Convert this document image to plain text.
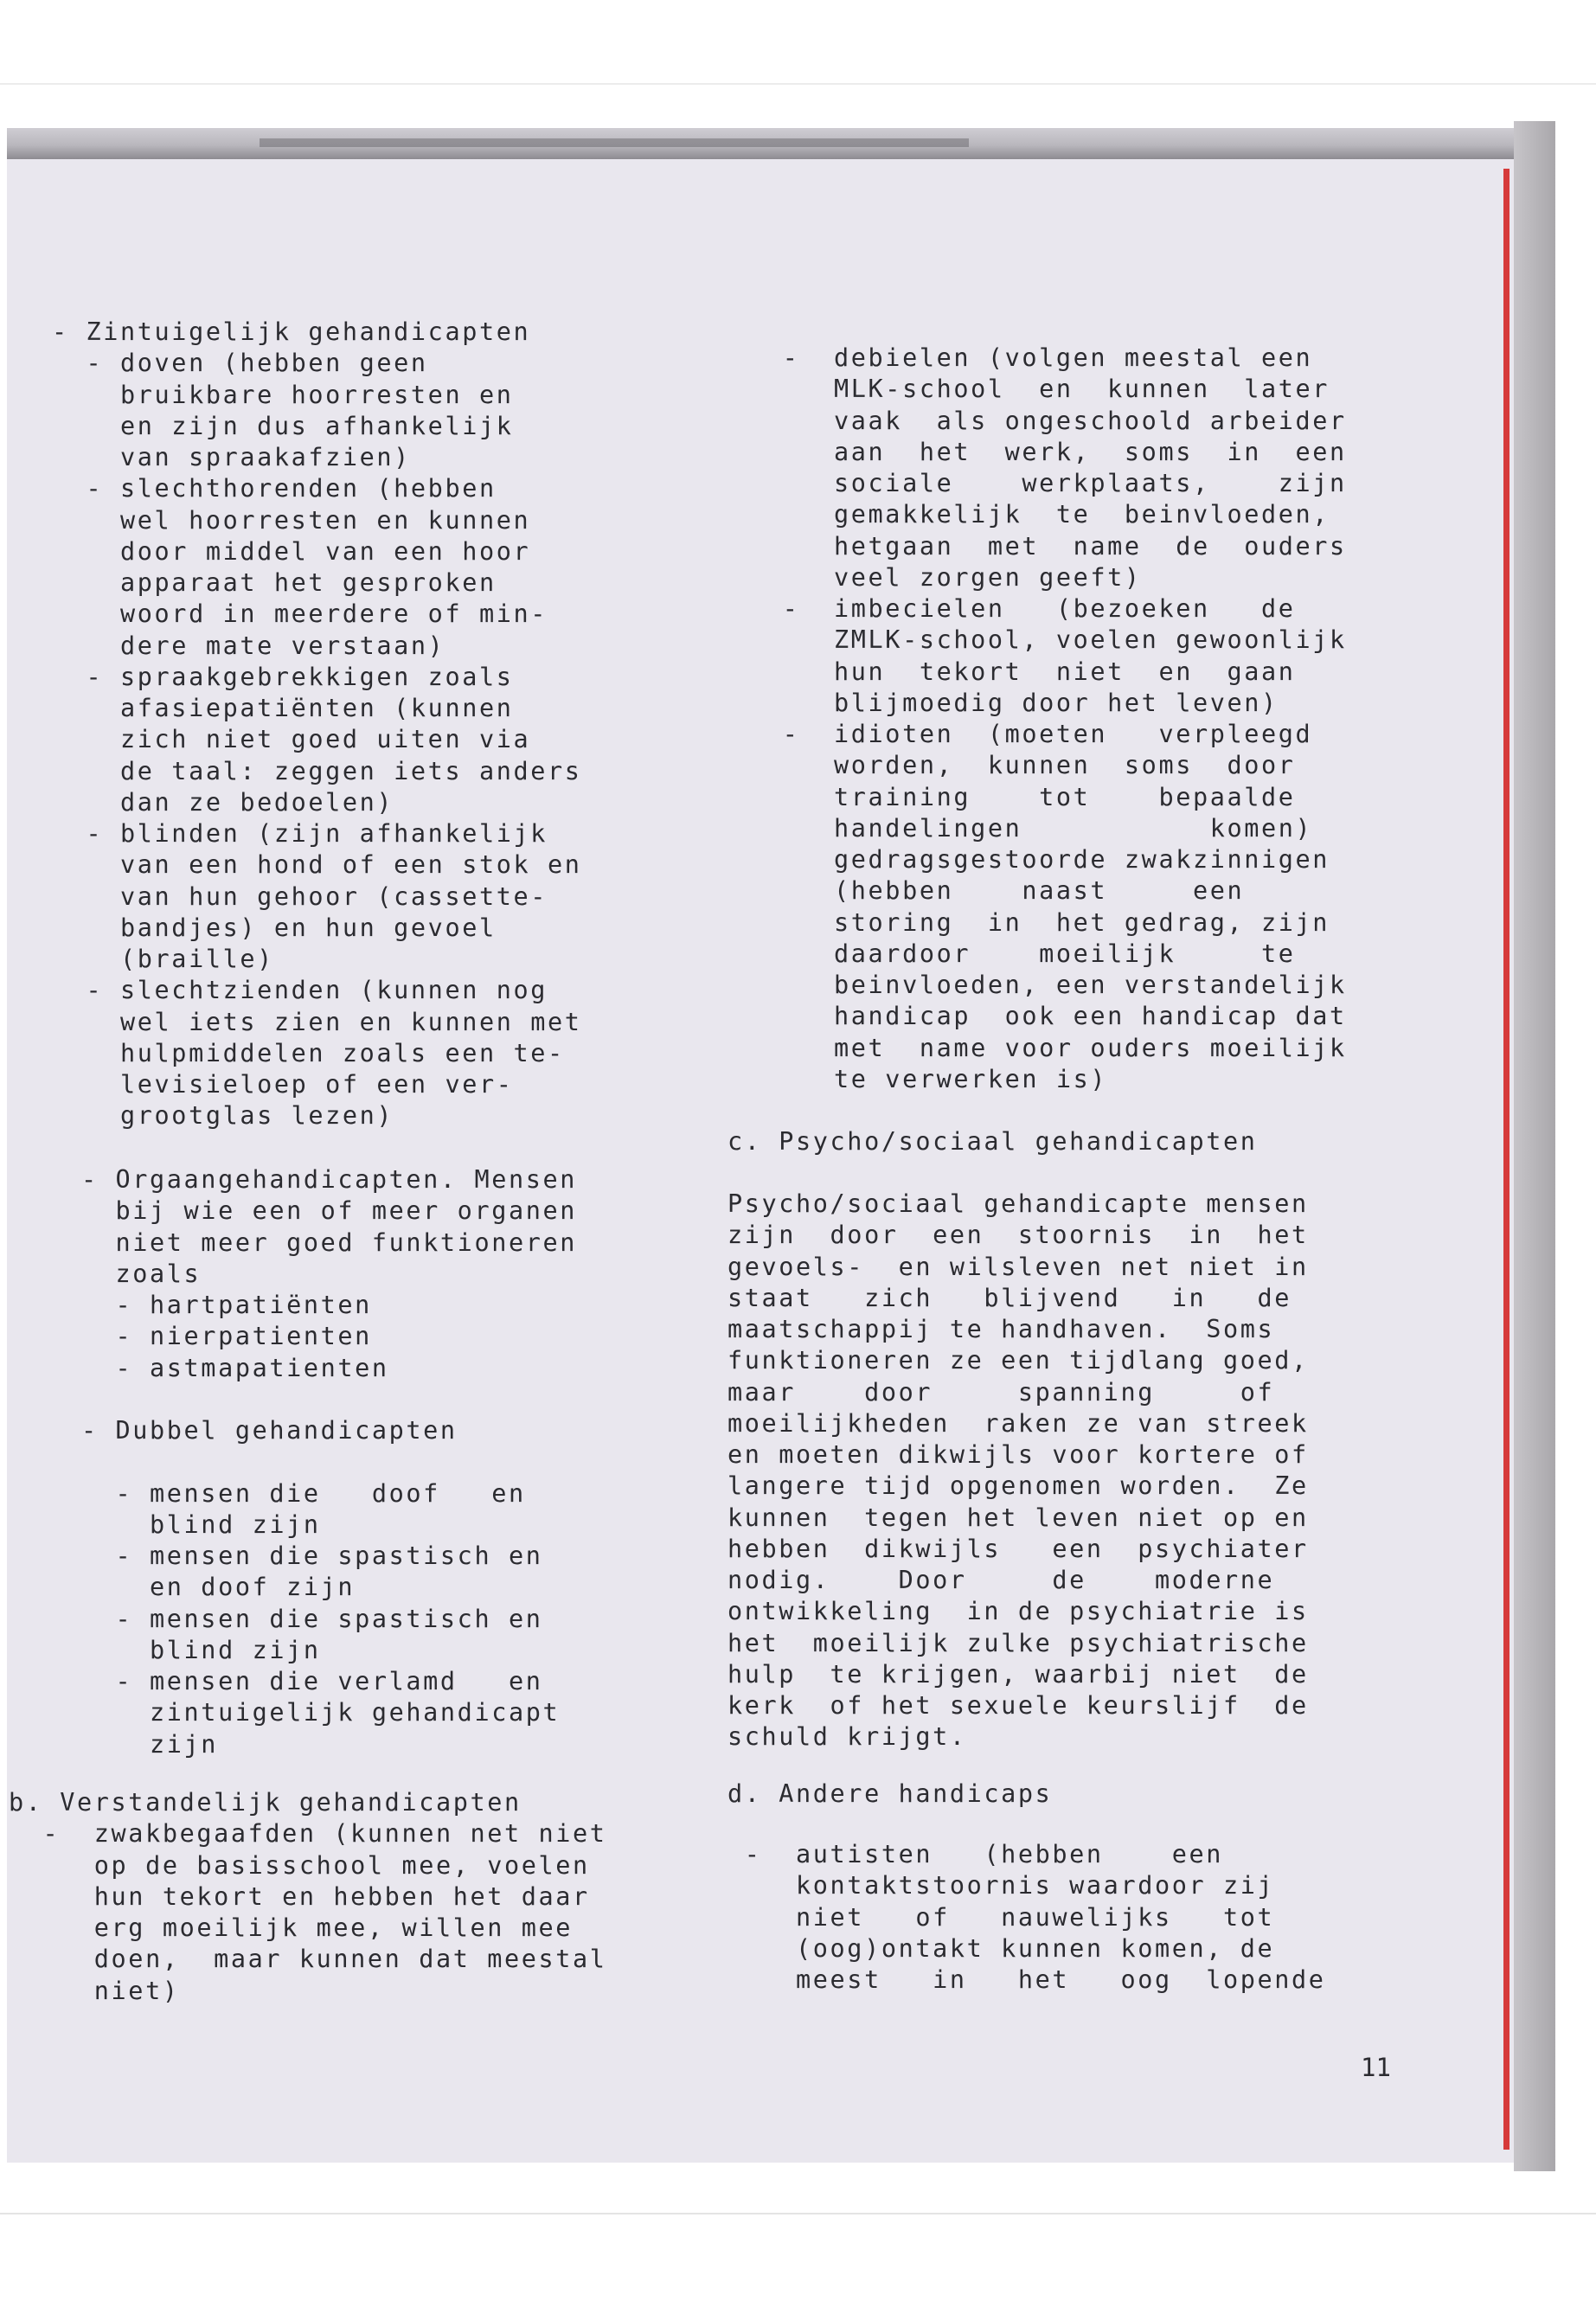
- Zintuigelijk gehandicapten
- doven (hebben geen
bruikbare hoorresten en
en zijn dus afhankelijk
van spraakafzien)
- slechthorenden (hebben
wel hoorresten en kunnen
door middel van een hoor
apparaat het gesproken
woord in meerdere of min-
dere mate verstaan)
- spraakgebrekkigen zoals
afasiepatiënten (kunnen
zich niet goed uiten via
de taal: zeggen iets anders
dan ze bedoelen)
- blinden (zijn afhankelijk
van een hond of een stok en
van hun gehoor (cassette-
bandjes) en hun gevoel
(braille)
- slechtzienden (kunnen nog
wel iets zien en kunnen met
hulpmiddelen zoals een te-
levisieloep of een ver-
grootglas lezen)
- Orgaangehandicapten. Mensen
bij wie een of meer organen
niet meer goed funktioneren
zoals
- hartpatiënten
- nierpatienten
- astmapatienten
- Dubbel gehandicapten

- mensen die   doof   en
blind zijn
- mensen die spastisch en
en doof zijn
- mensen die spastisch en
blind zijn
- mensen die verlamd   en
zintuigelijk gehandicapt
zijn
b. Verstandelijk gehandicapten
-  zwakbegaafden (kunnen net niet
op de basisschool mee, voelen
hun tekort en hebben het daar
erg moeilijk mee, willen mee
doen,  maar kunnen dat meestal
niet)
-  debielen (volgen meestal een
MLK-school  en  kunnen  later
vaak  als ongeschoold arbeider
aan  het  werk,  soms  in  een
sociale    werkplaats,    zijn
gemakkelijk  te  beinvloeden,
hetgaan  met  name  de  ouders
veel zorgen geeft)
-  imbecielen   (bezoeken   de
ZMLK-school, voelen gewoonlijk
hun  tekort  niet  en  gaan
blijmoedig door het leven)
-  idioten  (moeten   verpleegd
worden,  kunnen  soms  door
training    tot    bepaalde
handelingen           komen)
gedragsgestoorde zwakzinnigen
(hebben    naast     een
storing  in  het gedrag, zijn
daardoor    moeilijk     te
beinvloeden, een verstandelijk
handicap  ook een handicap dat
met  name voor ouders moeilijk
te verwerken is)
c. Psycho/sociaal gehandicapten
Psycho/sociaal gehandicapte mensen
zijn  door  een  stoornis  in  het
gevoels-  en wilsleven net niet in
staat   zich   blijvend   in   de
maatschappij te handhaven.  Soms
funktioneren ze een tijdlang goed,
maar    door     spanning     of
moeilijkheden  raken ze van streek
en moeten dikwijls voor kortere of
langere tijd opgenomen worden.  Ze
kunnen  tegen het leven niet op en
hebben  dikwijls   een  psychiater
nodig.    Door     de    moderne
ontwikkeling  in de psychiatrie is
het  moeilijk zulke psychiatrische
hulp  te krijgen, waarbij niet  de
kerk  of het sexuele keurslijf  de
schuld krijgt.
d. Andere handicaps
-  autisten   (hebben    een
kontaktstoornis waardoor zij
niet   of   nauwelijks   tot
(oog)ontakt kunnen komen, de
meest   in   het   oog  lopende
11
